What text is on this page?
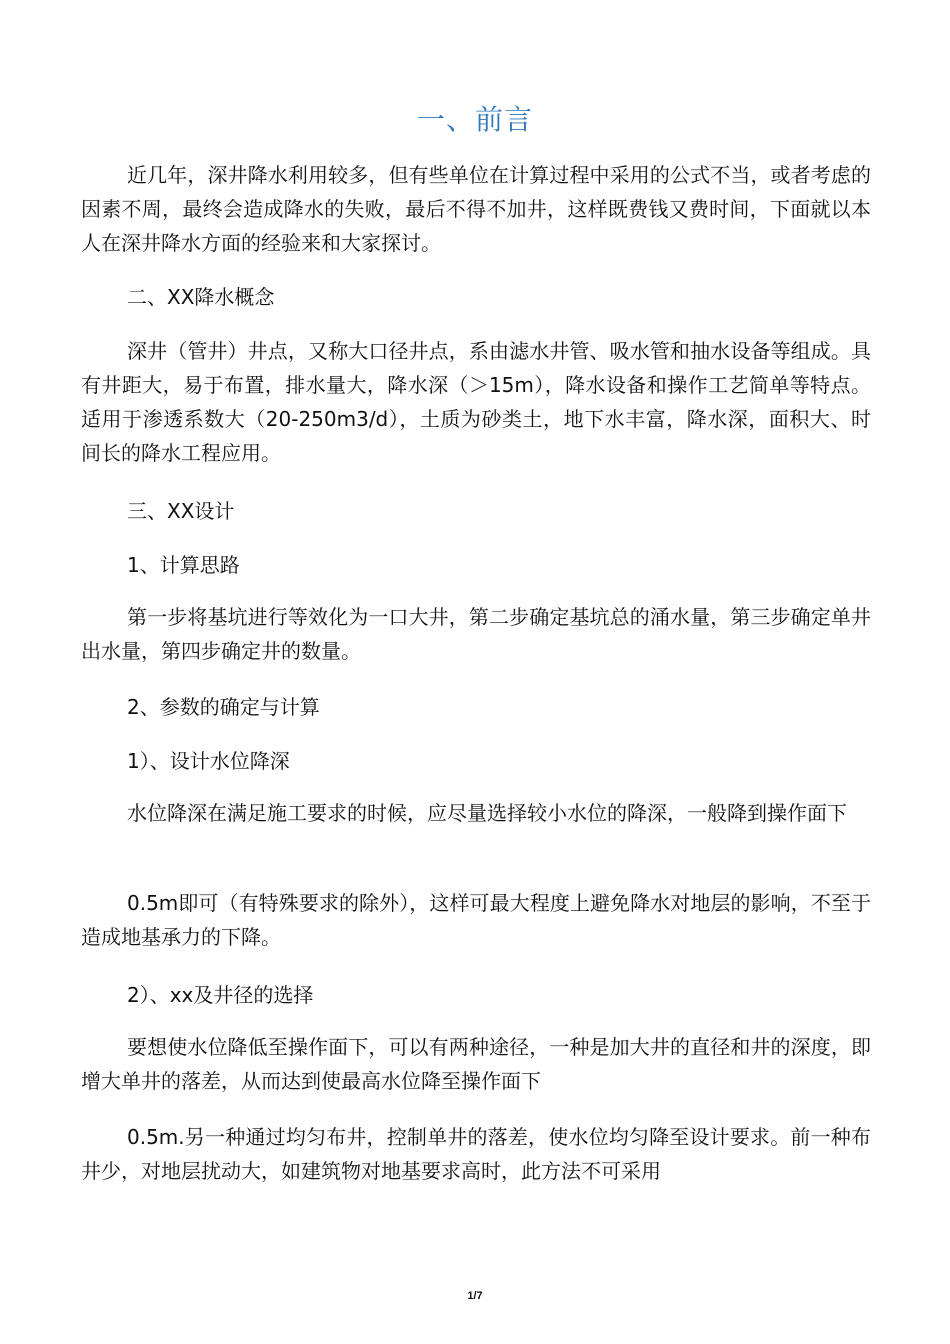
一、前言
近几年，深井降水利用较多，但有些单位在计算过程中采用的公式不当，或者考虑的因素不周，最终会造成降水的失败，最后不得不加井，这样既费钱又费时间，下面就以本人在深井降水方面的经验来和大家探讨。
二、XX降水概念
深井（管井）井点，又称大口径井点，系由滤水井管、吸水管和抽水设备等组成。具有井距大，易于布置，排水量大，降水深（＞15m），降水设备和操作工艺简单等特点。适用于渗透系数大（20-250m3/d），土质为砂类土，地下水丰富，降水深，面积大、时间长的降水工程应用。
三、XX设计
1、计算思路
第一步将基坑进行等效化为一口大井，第二步确定基坑总的涌水量，第三步确定单井出水量，第四步确定井的数量。
2、参数的确定与计算
1）、设计水位降深
水位降深在满足施工要求的时候，应尽量选择较小水位的降深，一般降到操作面下
0.5m即可（有特殊要求的除外），这样可最大程度上避免降水对地层的影响，不至于造成地基承力的下降。
2）、xx及井径的选择
要想使水位降低至操作面下，可以有两种途径，一种是加大井的直径和井的深度，即增大单井的落差，从而达到使最高水位降至操作面下
0.5m.另一种通过均匀布井，控制单井的落差，使水位均匀降至设计要求。前一种布井少，对地层扰动大，如建筑物对地基要求高时，此方法不可采用
1/7
